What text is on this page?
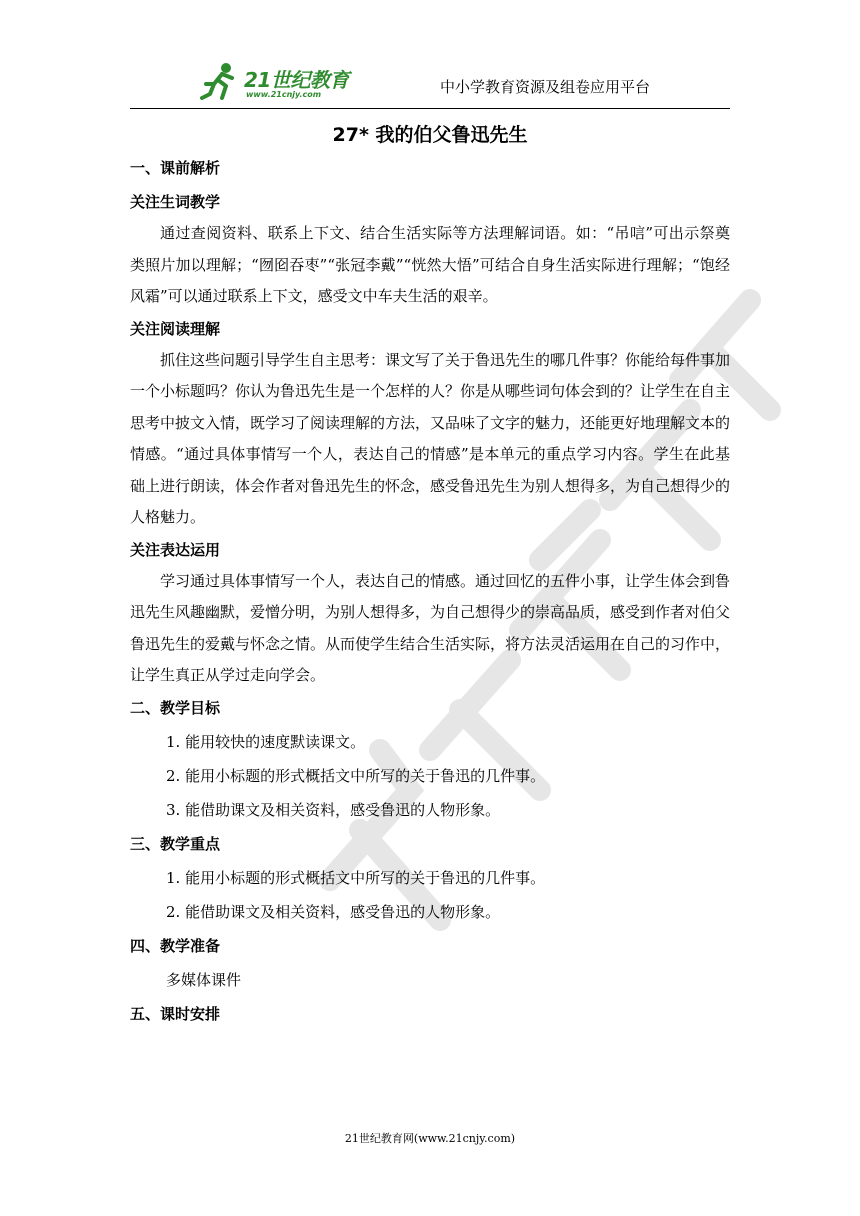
21世纪教育
www.21cnjy.com	中小学教育资源及组卷应用平台
27* 我的伯父鲁迅先生
一、课前解析
关注生词教学

通过查阅资料、联系上下文、结合生活实际等方法理解词语。如：“吊唁”可出示祭奠类照片加以理解；“囫囵吞枣”“张冠李戴”“恍然大悟”可结合自身生活实际进行理解；“饱经风霜”可以通过联系上下文，感受文中车夫生活的艰辛。

关注阅读理解

抓住这些问题引导学生自主思考：课文写了关于鲁迅先生的哪几件事？你能给每件事加一个小标题吗？你认为鲁迅先生是一个怎样的人？你是从哪些词句体会到的？让学生在自主思考中披文入情，既学习了阅读理解的方法，又品味了文字的魅力，还能更好地理解文本的情感。“通过具体事情写一个人，表达自己的情感”是本单元的重点学习内容。学生在此基础上进行朗读，体会作者对鲁迅先生的怀念，感受鲁迅先生为别人想得多，为自己想得少的人格魅力。

关注表达运用

学习通过具体事情写一个人，表达自己的情感。通过回忆的五件小事，让学生体会到鲁迅先生风趣幽默，爱憎分明，为别人想得多，为自己想得少的崇高品质，感受到作者对伯父鲁迅先生的爱戴与怀念之情。从而使学生结合生活实际，将方法灵活运用在自己的习作中，让学生真正从学过走向学会。

二、教学目标
1. 能用较快的速度默读课文。
2. 能用小标题的形式概括文中所写的关于鲁迅的几件事。
3. 能借助课文及相关资料，感受鲁迅的人物形象。
三、教学重点
1. 能用小标题的形式概括文中所写的关于鲁迅的几件事。
2. 能借助课文及相关资料，感受鲁迅的人物形象。
四、教学准备
多媒体课件
五、课时安排
21世纪教育网(www.21cnjy.com)
